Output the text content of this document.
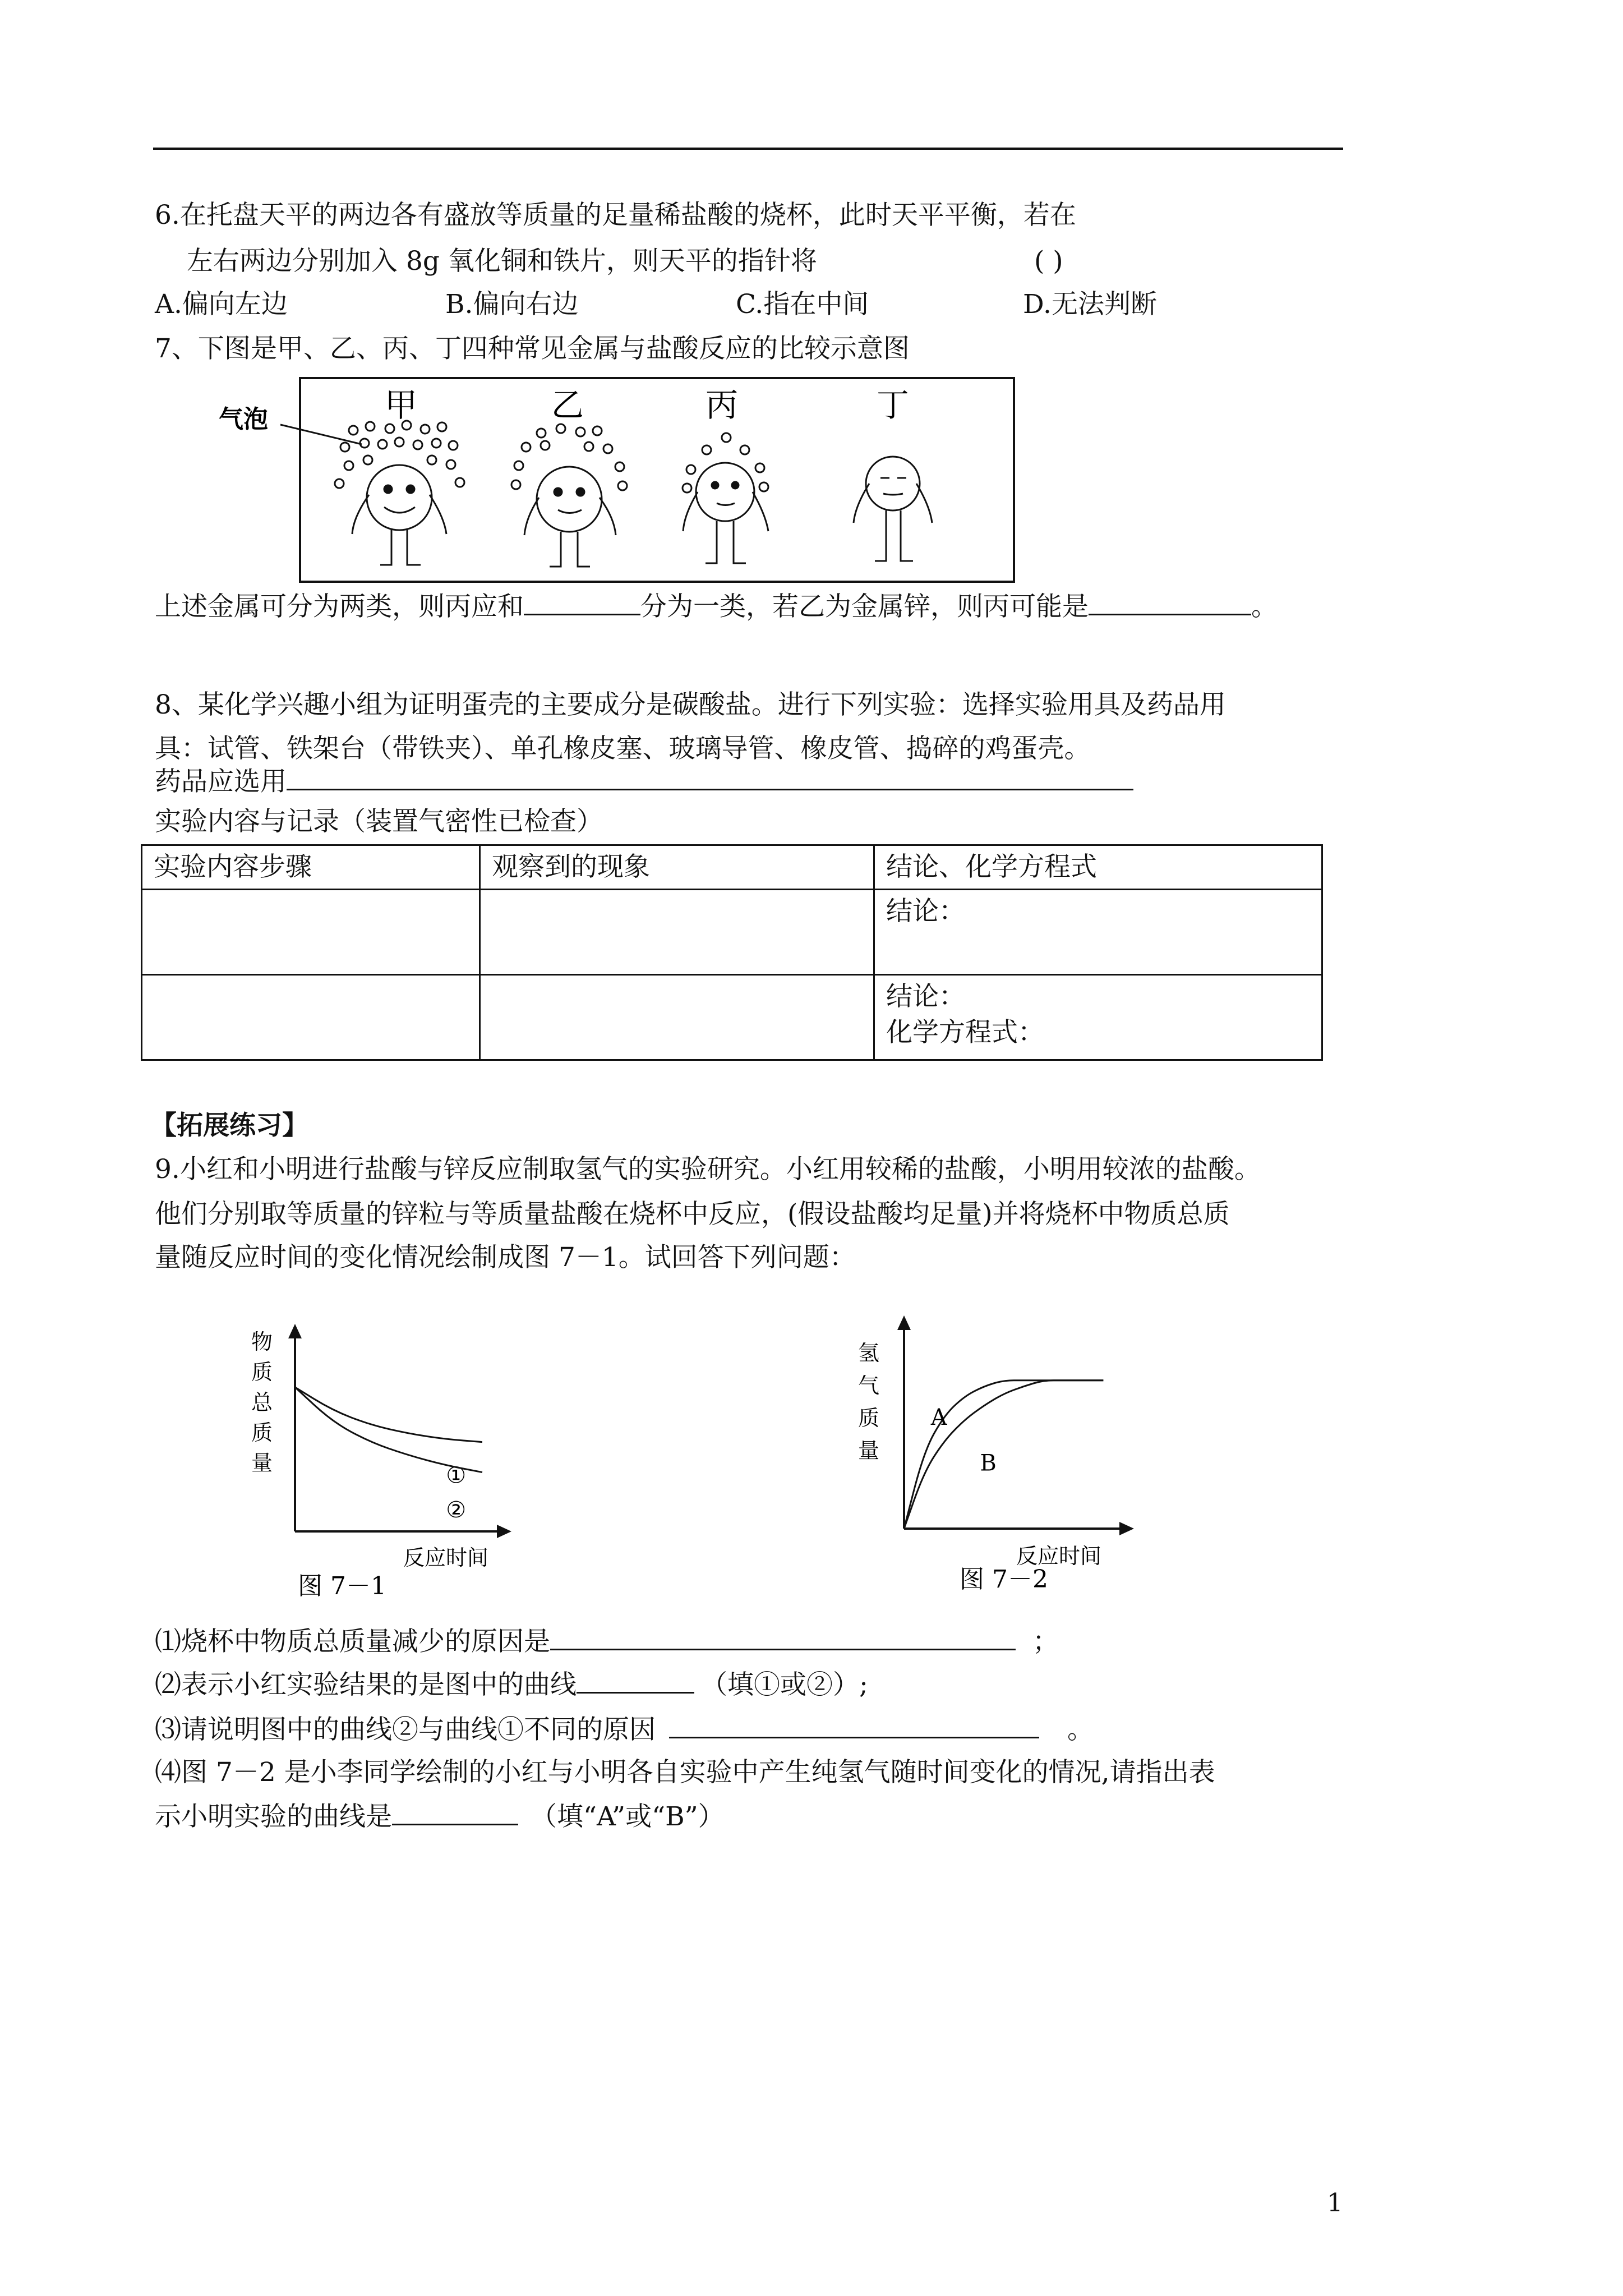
6.在托盘天平的两边各有盛放等质量的足量稀盐酸的烧杯，此时天平平衡，若在
左右两边分别加入 8g 氧化铜和铁片，则天平的指针将	( )
A.偏向左边	B.偏向右边	C.指在中间	D.无法判断
7、下图是甲、乙、丙、丁四种常见金属与盐酸反应的比较示意图
甲	乙	丙	丁
气泡
上述金属可分为两类，则丙应和	分为一类，若乙为金属锌，则丙可能是	。
8、某化学兴趣小组为证明蛋壳的主要成分是碳酸盐。进行下列实验：选择实验用具及药品用
具：试管、铁架台（带铁夹）、单孔橡皮塞、玻璃导管、橡皮管、捣碎的鸡蛋壳。
药品应选用
实验内容与记录（装置气密性已检查）
实验内容步骤	观察到的现象	结论、化学方程式
		结论：

		结论：
化学方程式：
【拓展练习】
9.小红和小明进行盐酸与锌反应制取氢气的实验研究。小红用较稀的盐酸，小明用较浓的盐酸。
他们分别取等质量的锌粒与等质量盐酸在烧杯中反应，(假设盐酸均足量)并将烧杯中物质总质
量随反应时间的变化情况绘制成图 7－1。试回答下列问题：
物
质
总
质
量	①
②
反应时间
图 7－1
氢
气
质
量
A
B
反应时间
图 7－2
⑴烧杯中物质总质量减少的原因是	；
⑵表示小红实验结果的是图中的曲线	（填①或②）;
⑶请说明图中的曲线②与曲线①不同的原因	。
⑷图 7－2 是小李同学绘制的小红与小明各自实验中产生纯氢气随时间变化的情况,请指出表
示小明实验的曲线是	（填“A”或“B”）
1
